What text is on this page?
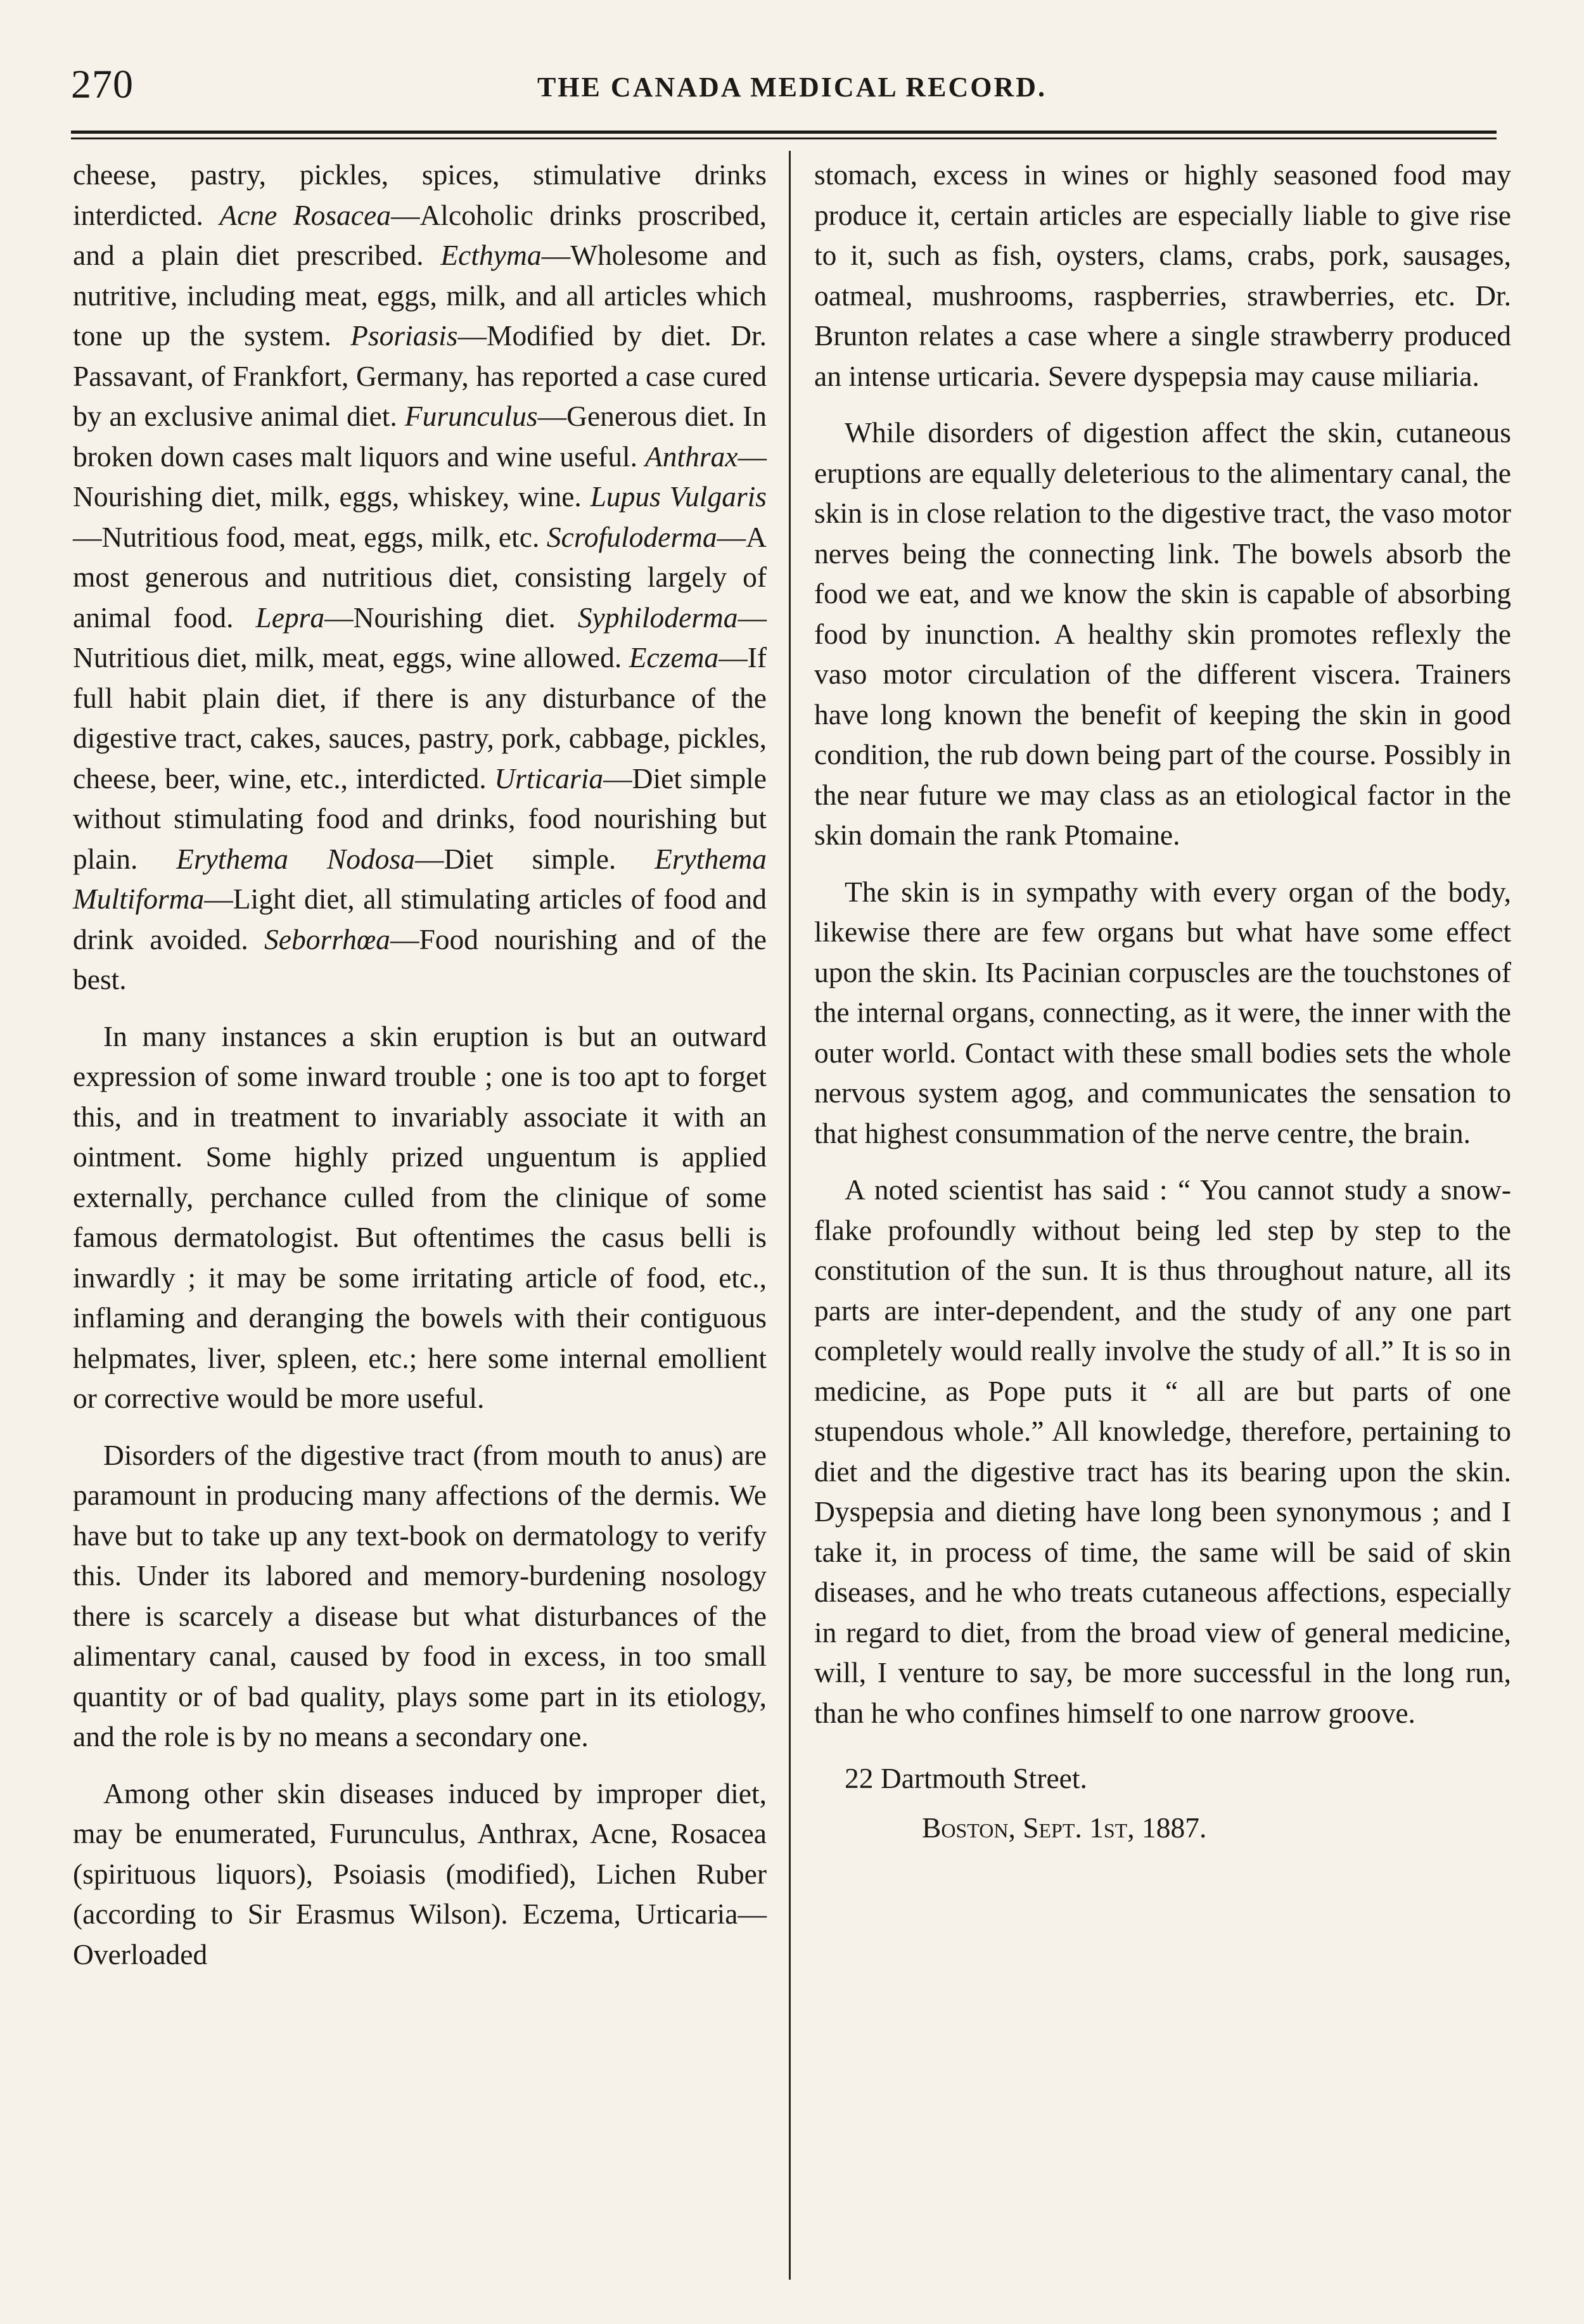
270	THE CANADA MEDICAL RECORD.

cheese, pastry, pickles, spices, stimulative drinks interdicted. Acne Rosacea—Alcoholic drinks proscribed, and a plain diet prescribed. Ecthyma—Wholesome and nutritive, including meat, eggs, milk, and all articles which tone up the system. Psoriasis—Modified by diet. Dr. Passavant, of Frankfort, Germany, has reported a case cured by an exclusive animal diet. Furunculus—Generous diet. In broken down cases malt liquors and wine useful. Anthrax—Nourishing diet, milk, eggs, whiskey, wine. Lupus Vulgaris—Nutritious food, meat, eggs, milk, etc. Scrofuloderma—A most generous and nutritious diet, consisting largely of animal food. Lepra—Nourishing diet. Syphiloderma—Nutritious diet, milk, meat, eggs, wine allowed. Eczema—If full habit plain diet, if there is any disturbance of the digestive tract, cakes, sauces, pastry, pork, cabbage, pickles, cheese, beer, wine, etc., interdicted. Urticaria—Diet simple without stimulating food and drinks, food nourishing but plain. Erythema Nodosa—Diet simple. Erythema Multiforma—Light diet, all stimulating articles of food and drink avoided. Seborrhœa—Food nourishing and of the best.

In many instances a skin eruption is but an outward expression of some inward trouble ; one is too apt to forget this, and in treatment to invariably associate it with an ointment. Some highly prized unguentum is applied externally, perchance culled from the clinique of some famous dermatologist. But oftentimes the casus belli is inwardly ; it may be some irritating article of food, etc., inflaming and deranging the bowels with their contiguous helpmates, liver, spleen, etc.; here some internal emollient or corrective would be more useful.

Disorders of the digestive tract (from mouth to anus) are paramount in producing many affections of the dermis. We have but to take up any text-book on dermatology to verify this. Under its labored and memory-burdening nosology there is scarcely a disease but what disturbances of the alimentary canal, caused by food in excess, in too small quantity or of bad quality, plays some part in its etiology, and the role is by no means a secondary one.

Among other skin diseases induced by improper diet, may be enumerated, Furunculus, Anthrax, Acne, Rosacea (spirituous liquors), Psoiasis (modified), Lichen Ruber (according to Sir Erasmus Wilson). Eczema, Urticaria—Overloaded

stomach, excess in wines or highly seasoned food may produce it, certain articles are especially liable to give rise to it, such as fish, oysters, clams, crabs, pork, sausages, oatmeal, mushrooms, raspberries, strawberries, etc. Dr. Brunton relates a case where a single strawberry produced an intense urticaria. Severe dyspepsia may cause miliaria.

While disorders of digestion affect the skin, cutaneous eruptions are equally deleterious to the alimentary canal, the skin is in close relation to the digestive tract, the vaso motor nerves being the connecting link. The bowels absorb the food we eat, and we know the skin is capable of absorbing food by inunction. A healthy skin promotes reflexly the vaso motor circulation of the different viscera. Trainers have long known the benefit of keeping the skin in good condition, the rub down being part of the course. Possibly in the near future we may class as an etiological factor in the skin domain the rank Ptomaine.

The skin is in sympathy with every organ of the body, likewise there are few organs but what have some effect upon the skin. Its Pacinian corpuscles are the touchstones of the internal organs, connecting, as it were, the inner with the outer world. Contact with these small bodies sets the whole nervous system agog, and communicates the sensation to that highest consummation of the nerve centre, the brain.

A noted scientist has said : “ You cannot study a snow-flake profoundly without being led step by step to the constitution of the sun. It is thus throughout nature, all its parts are inter-dependent, and the study of any one part completely would really involve the study of all.” It is so in medicine, as Pope puts it “ all are but parts of one stupendous whole.” All knowledge, therefore, pertaining to diet and the digestive tract has its bearing upon the skin. Dyspepsia and dieting have long been synonymous ; and I take it, in process of time, the same will be said of skin diseases, and he who treats cutaneous affections, especially in regard to diet, from the broad view of general medicine, will, I venture to say, be more successful in the long run, than he who confines himself to one narrow groove.

22 Dartmouth Street.
Boston, Sept. 1st, 1887.
